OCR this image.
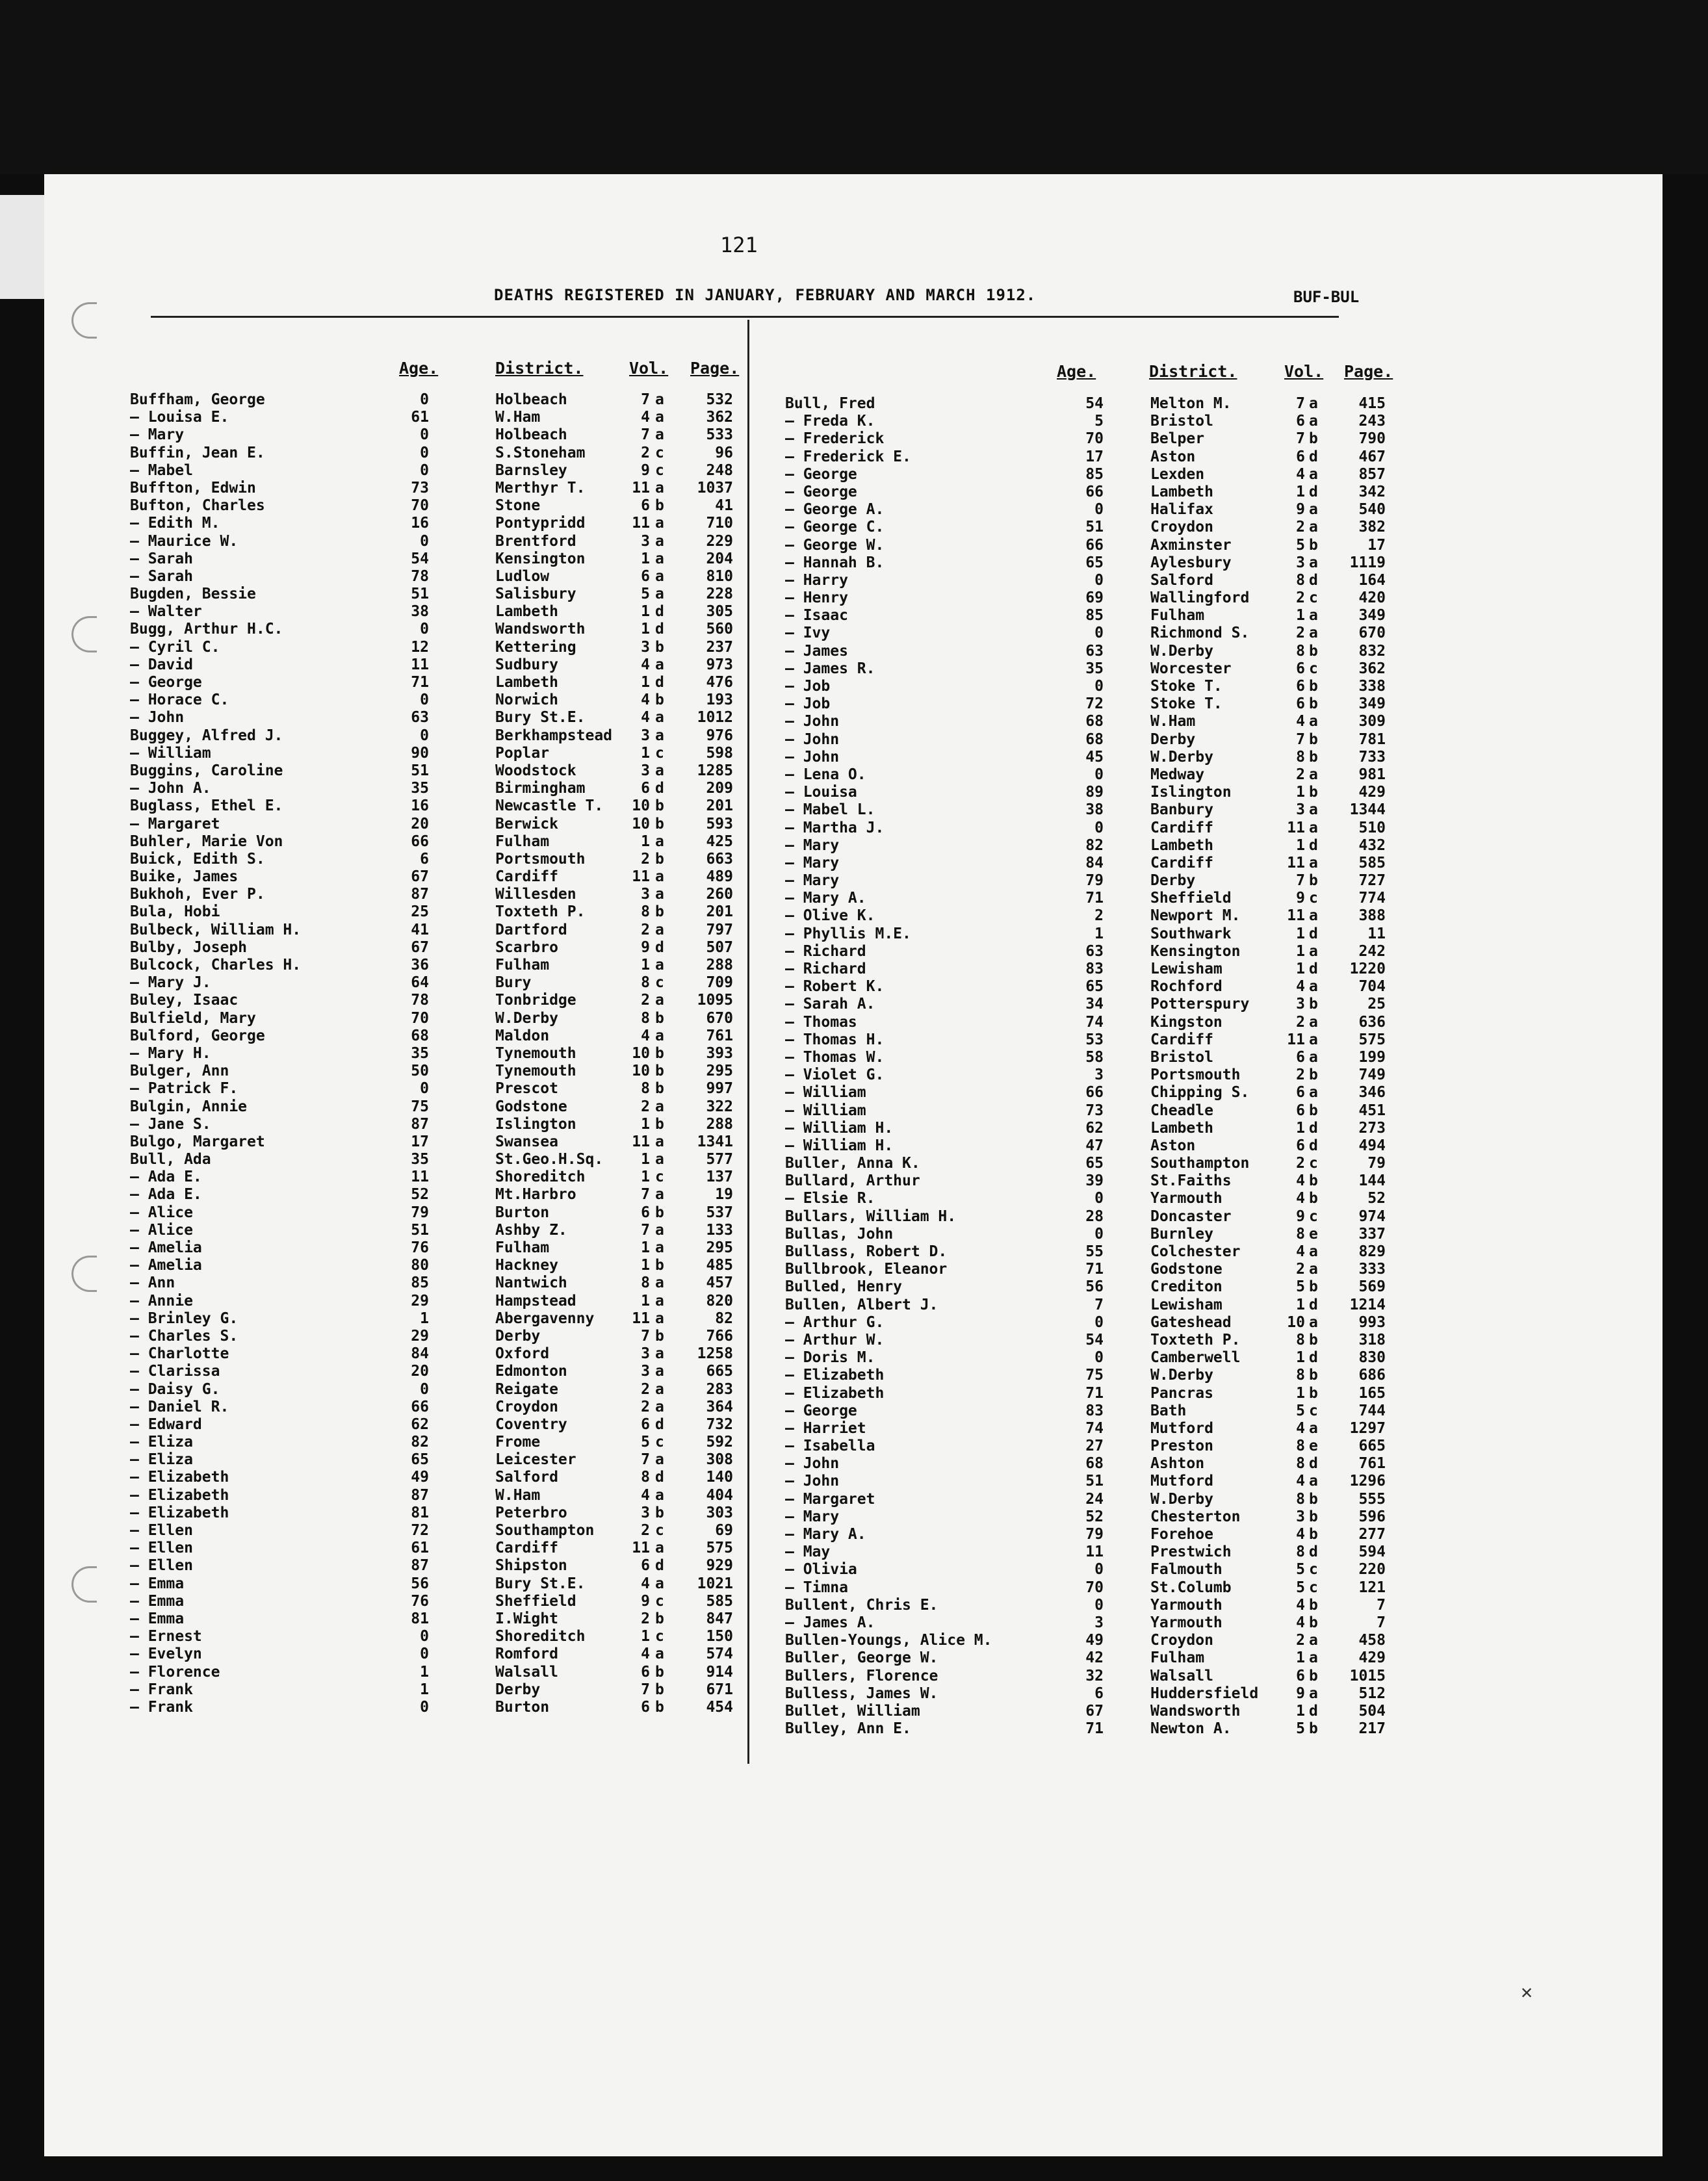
121
DEATHS REGISTERED IN JANUARY, FEBRUARY AND MARCH 1912.	BUF-BUL
Age.	District.	Vol. Page.	Age.	District.	Vol. Page.
Buffham, George	0	Holbeach	7 a	532
— Louisa E.	61	W.Ham	4 a	362
— Mary	0	Holbeach	7 a	533
Buffin, Jean E.	0	S.Stoneham	2 c	96
— Mabel	0	Barnsley	9 c	248
Buffton, Edwin	73	Merthyr T.	11 a	1037
Bufton, Charles	70	Stone	6 b	41
— Edith M.	16	Pontypridd	11 a	710
— Maurice W.	0	Brentford	3 a	229
— Sarah	54	Kensington	1 a	204
— Sarah	78	Ludlow	6 a	810
Bugden, Bessie	51	Salisbury	5 a	228
— Walter	38	Lambeth	1 d	305
Bugg, Arthur H.C.	0	Wandsworth	1 d	560
— Cyril C.	12	Kettering	3 b	237
— David	11	Sudbury	4 a	973
— George	71	Lambeth	1 d	476
— Horace C.	0	Norwich	4 b	193
— John	63	Bury St.E.	4 a	1012
Buggey, Alfred J.	0	Berkhampstead	3 a	976
— William	90	Poplar	1 c	598
Buggins, Caroline	51	Woodstock	3 a	1285
— John A.	35	Birmingham	6 d	209
Buglass, Ethel E.	16	Newcastle T.	10 b	201
— Margaret	20	Berwick	10 b	593
Buhler, Marie Von	66	Fulham	1 a	425
Buick, Edith S.	6	Portsmouth	2 b	663
Buike, James	67	Cardiff	11 a	489
Bukhoh, Ever P.	87	Willesden	3 a	260
Bula, Hobi	25	Toxteth P.	8 b	201
Bulbeck, William H.	41	Dartford	2 a	797
Bulby, Joseph	67	Scarbro	9 d	507
Bulcock, Charles H.	36	Fulham	1 a	288
— Mary J.	64	Bury	8 c	709
Buley, Isaac	78	Tonbridge	2 a	1095
Bulfield, Mary	70	W.Derby	8 b	670
Bulford, George	68	Maldon	4 a	761
— Mary H.	35	Tynemouth	10 b	393
Bulger, Ann	50	Tynemouth	10 b	295
— Patrick F.	0	Prescot	8 b	997
Bulgin, Annie	75	Godstone	2 a	322
— Jane S.	87	Islington	1 b	288
Bulgo, Margaret	17	Swansea	11 a	1341
Bull, Ada	35	St.Geo.H.Sq.	1 a	577
— Ada E.	11	Shoreditch	1 c	137
— Ada E.	52	Mt.Harbro	7 a	19
— Alice	79	Burton	6 b	537
— Alice	51	Ashby Z.	7 a	133
— Amelia	76	Fulham	1 a	295
— Amelia	80	Hackney	1 b	485
— Ann	85	Nantwich	8 a	457
— Annie	29	Hampstead	1 a	820
— Brinley G.	1	Abergavenny	11 a	82
— Charles S.	29	Derby	7 b	766
— Charlotte	84	Oxford	3 a	1258
— Clarissa	20	Edmonton	3 a	665
— Daisy G.	0	Reigate	2 a	283
— Daniel R.	66	Croydon	2 a	364
— Edward	62	Coventry	6 d	732
— Eliza	82	Frome	5 c	592
— Eliza	65	Leicester	7 a	308
— Elizabeth	49	Salford	8 d	140
— Elizabeth	87	W.Ham	4 a	404
— Elizabeth	81	Peterbro	3 b	303
— Ellen	72	Southampton	2 c	69
— Ellen	61	Cardiff	11 a	575
— Ellen	87	Shipston	6 d	929
— Emma	56	Bury St.E.	4 a	1021
— Emma	76	Sheffield	9 c	585
— Emma	81	I.Wight	2 b	847
— Ernest	0	Shoreditch	1 c	150
— Evelyn	0	Romford	4 a	574
— Florence	1	Walsall	6 b	914
— Frank	1	Derby	7 b	671
— Frank	0	Burton	6 b	454
Bull, Fred	54	Melton M.	7 a	415
— Freda K.	5	Bristol	6 a	243
— Frederick	70	Belper	7 b	790
— Frederick E.	17	Aston	6 d	467
— George	85	Lexden	4 a	857
— George	66	Lambeth	1 d	342
— George A.	0	Halifax	9 a	540
— George C.	51	Croydon	2 a	382
— George W.	66	Axminster	5 b	17
— Hannah B.	65	Aylesbury	3 a	1119
— Harry	0	Salford	8 d	164
— Henry	69	Wallingford	2 c	420
— Isaac	85	Fulham	1 a	349
— Ivy	0	Richmond S.	2 a	670
— James	63	W.Derby	8 b	832
— James R.	35	Worcester	6 c	362
— Job	0	Stoke T.	6 b	338
— Job	72	Stoke T.	6 b	349
— John	68	W.Ham	4 a	309
— John	68	Derby	7 b	781
— John	45	W.Derby	8 b	733
— Lena O.	0	Medway	2 a	981
— Louisa	89	Islington	1 b	429
— Mabel L.	38	Banbury	3 a	1344
— Martha J.	0	Cardiff	11 a	510
— Mary	82	Lambeth	1 d	432
— Mary	84	Cardiff	11 a	585
— Mary	79	Derby	7 b	727
— Mary A.	71	Sheffield	9 c	774
— Olive K.	2	Newport M.	11 a	388
— Phyllis M.E.	1	Southwark	1 d	11
— Richard	63	Kensington	1 a	242
— Richard	83	Lewisham	1 d	1220
— Robert K.	65	Rochford	4 a	704
— Sarah A.	34	Potterspury	3 b	25
— Thomas	74	Kingston	2 a	636
— Thomas H.	53	Cardiff	11 a	575
— Thomas W.	58	Bristol	6 a	199
— Violet G.	3	Portsmouth	2 b	749
— William	66	Chipping S.	6 a	346
— William	73	Cheadle	6 b	451
— William H.	62	Lambeth	1 d	273
— William H.	47	Aston	6 d	494
Buller, Anna K.	65	Southampton	2 c	79
Bullard, Arthur	39	St.Faiths	4 b	144
— Elsie R.	0	Yarmouth	4 b	52
Bullars, William H.	28	Doncaster	9 c	974
Bullas, John	0	Burnley	8 e	337
Bullass, Robert D.	55	Colchester	4 a	829
Bullbrook, Eleanor	71	Godstone	2 a	333
Bulled, Henry	56	Crediton	5 b	569
Bullen, Albert J.	7	Lewisham	1 d	1214
— Arthur G.	0	Gateshead	10 a	993
— Arthur W.	54	Toxteth P.	8 b	318
— Doris M.	0	Camberwell	1 d	830
— Elizabeth	75	W.Derby	8 b	686
— Elizabeth	71	Pancras	1 b	165
— George	83	Bath	5 c	744
— Harriet	74	Mutford	4 a	1297
— Isabella	27	Preston	8 e	665
— John	68	Ashton	8 d	761
— John	51	Mutford	4 a	1296
— Margaret	24	W.Derby	8 b	555
— Mary	52	Chesterton	3 b	596
— Mary A.	79	Forehoe	4 b	277
— May	11	Prestwich	8 d	594
— Olivia	0	Falmouth	5 c	220
— Timna	70	St.Columb	5 c	121
Bullent, Chris E.	0	Yarmouth	4 b	7
— James A.	3	Yarmouth	4 b	7
Bullen-Youngs, Alice M.	49	Croydon	2 a	458
Buller, George W.	42	Fulham	1 a	429
Bullers, Florence	32	Walsall	6 b	1015
Bulless, James W.	6	Huddersfield	9 a	512
Bullet, William	67	Wandsworth	1 d	504
Bulley, Ann E.	71	Newton A.	5 b	217
✕
